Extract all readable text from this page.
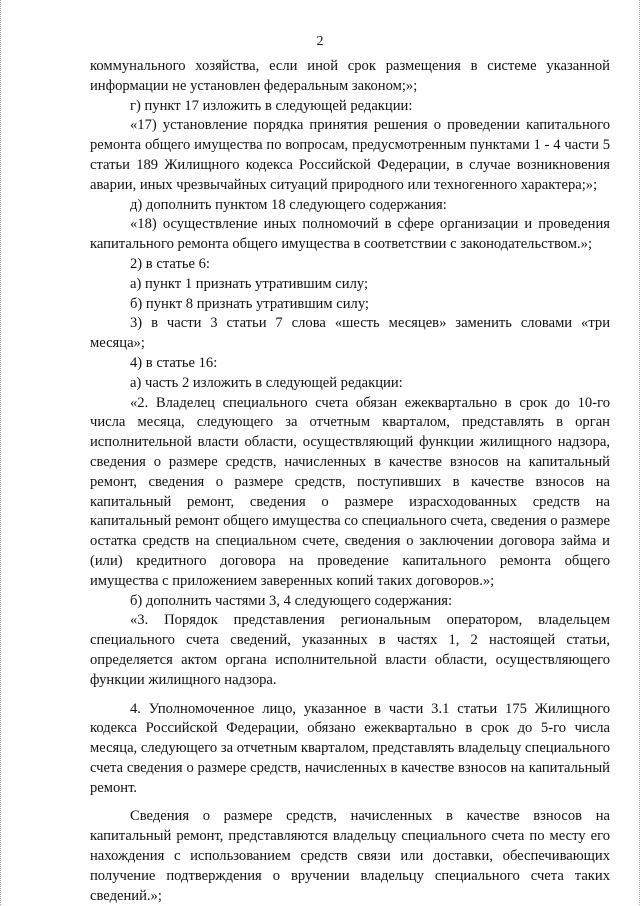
2

коммунального хозяйства, если иной срок размещения в системе указанной информации не установлен федеральным законом;»;

г) пункт 17 изложить в следующей редакции:

«17) установление порядка принятия решения о проведении капитального ремонта общего имущества по вопросам, предусмотренным пунктами 1 - 4 части 5 статьи 189 Жилищного кодекса Российской Федерации, в случае возникновения аварии, иных чрезвычайных ситуаций природного или техногенного характера;»;

д) дополнить пунктом 18 следующего содержания:

«18) осуществление иных полномочий в сфере организации и проведения капитального ремонта общего имущества в соответствии с законодательством.»;

2) в статье 6:

а) пункт 1 признать утратившим силу;

б) пункт 8 признать утратившим силу;

3) в части 3 статьи 7 слова «шесть месяцев» заменить словами «три месяца»;

4) в статье 16:

а) часть 2 изложить в следующей редакции:

«2. Владелец специального счета обязан ежеквартально в срок до 10-го числа месяца, следующего за отчетным кварталом, представлять в орган исполнительной власти области, осуществляющий функции жилищного надзора, сведения о размере средств, начисленных в качестве взносов на капитальный ремонт, сведения о размере средств, поступивших в качестве взносов на капитальный ремонт, сведения о размере израсходованных средств на капитальный ремонт общего имущества со специального счета, сведения о размере остатка средств на специальном счете, сведения о заключении договора займа и (или) кредитного договора на проведение капитального ремонта общего имущества с приложением заверенных копий таких договоров.»;

б) дополнить частями 3, 4 следующего содержания:

«3. Порядок представления региональным оператором, владельцем специального счета сведений, указанных в частях 1, 2 настоящей статьи, определяется актом органа исполнительной власти области, осуществляющего функции жилищного надзора.

4. Уполномоченное лицо, указанное в части 3.1 статьи 175 Жилищного кодекса Российской Федерации, обязано ежеквартально в срок до 5-го числа месяца, следующего за отчетным кварталом, представлять владельцу специального счета сведения о размере средств, начисленных в качестве взносов на капитальный ремонт.

Сведения о размере средств, начисленных в качестве взносов на капитальный ремонт, представляются владельцу специального счета по месту его нахождения с использованием средств связи или доставки, обеспечивающих получение подтверждения о вручении владельцу специального счета таких сведений.»;
